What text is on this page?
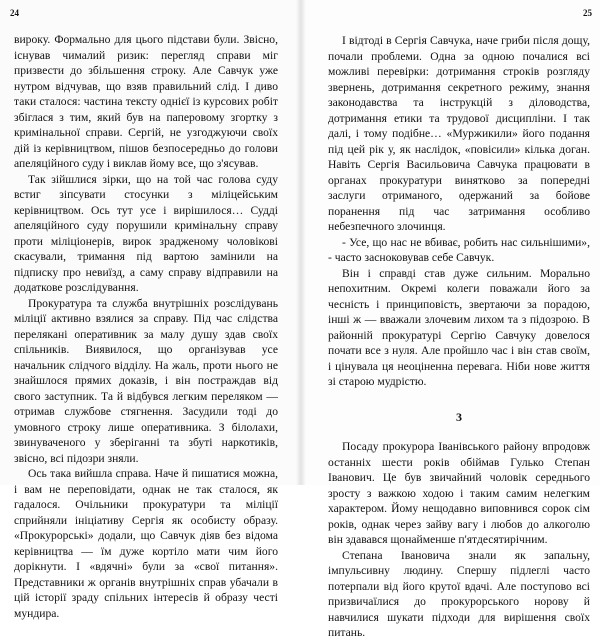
24

вироку. Формально для цього підстави були. Звісно, існував чималий ризик: перегляд справи міг призвести до збільшення строку. Але Савчук уже нутром відчував, що взяв правильний слід. І диво таки сталося: частина тексту однієї із курсових робіт збіглася з тим, який був на паперовому згортку з кримінальної справи. Сергій, не узгоджуючи своїх дій із керівництвом, пішов безпосередньо до голови апеляційного суду і виклав йому все, що з'ясував.

Так зійшлися зірки, що на той час голова суду встиг зіпсувати стосунки з міліцейським керівництвом. Ось тут усе і вирішилося… Судді апеляційного суду порушили кримінальну справу проти міліціонерів, вирок зрадженому чоловікові скасували, тримання під вартою замінили на підписку про невиїзд, а саму справу відправили на додаткове розслідування.

Прокуратура та служба внутрішніх розслідувань міліції активно взялися за справу. Під час слідства перелякані оперативник за малу душу здав своїх спільників. Виявилося, що організував усе начальник слідчого відділу. На жаль, проти нього не знайшлося прямих доказів, і він постраждав від свого заступник. Та й відбувся легким переляком — отримав службове стягнення. Засудили тоді до умовного строку лише оперативника. З білолахи, звинуваченого у зберіганні та збуті наркотиків, звісно, всі підозри зняли.

Ось така вийшла справа. Наче й пишатися можна, і вам не переповідати, однак не так сталося, як гадалося. Очільники прокуратури та міліції сприйняли ініціативу Сергія як особисту образу. «Прокурорські» додали, що Савчук діяв без відома керівництва — їм дуже кортіло мати чим його дорікнути. І «вдячні» були за «свої питання». Представники ж органів внутрішніх справ убачали в цій історії зраду спільних інтересів й образу честі мундира.

25

І відтоді в Сергія Савчука, наче гриби після дощу, почали проблеми. Одна за одною почалися всі можливі перевірки: дотримання строків розгляду звернень, дотримання секретного режиму, знання законодавства та інструкцій з діловодства, дотримання етики та трудової дисципліни. І так далі, і тому подібне… «Муржикили» його подання під цей рік у, як наслідок, «повісили» кілька доган. Навіть Сергія Васильовича Савчука працювати в органах прокуратури винятково за попередні заслуги отриманого, одержаний за бойове поранення під час затримання особливо небезпечного злочинця.

- Усе, що нас не вбиває, робить нас сильнішими», - часто засноковував себе Савчук.

Він і справді став дуже сильним. Морально непохитним. Окремі колеги поважали його за чесність і принциповість, звертаючи за порадою, інші ж — вважали злочевим лихом та з підозрою. В районній прокуратурі Сергію Савчуку довелося почати все з нуля. Але пройшло час і він став своїм, і цінувала ця неоціненна перевага. Ніби нове життя зі старою мудрістю.

3

Посаду прокурора Іванівського району впродовж останніх шести років обіймав Гулько Степан Іванович. Це був звичайний чоловік середнього зросту з важкою ходою і таким самим нелегким характером. Йому нещодавно виповнився сорок сім років, однак через зайву вагу і любов до алкоголю він здавався щонайменше п'ятдесятирічним.

Степана Івановича знали як запальну, імпульсивну людину. Спершу підлеглі часто потерпали від його крутої вдачі. Але поступово всі призвичаїлися до прокурорського норову й навчилися шукати підходи для вирішення своїх питань.
